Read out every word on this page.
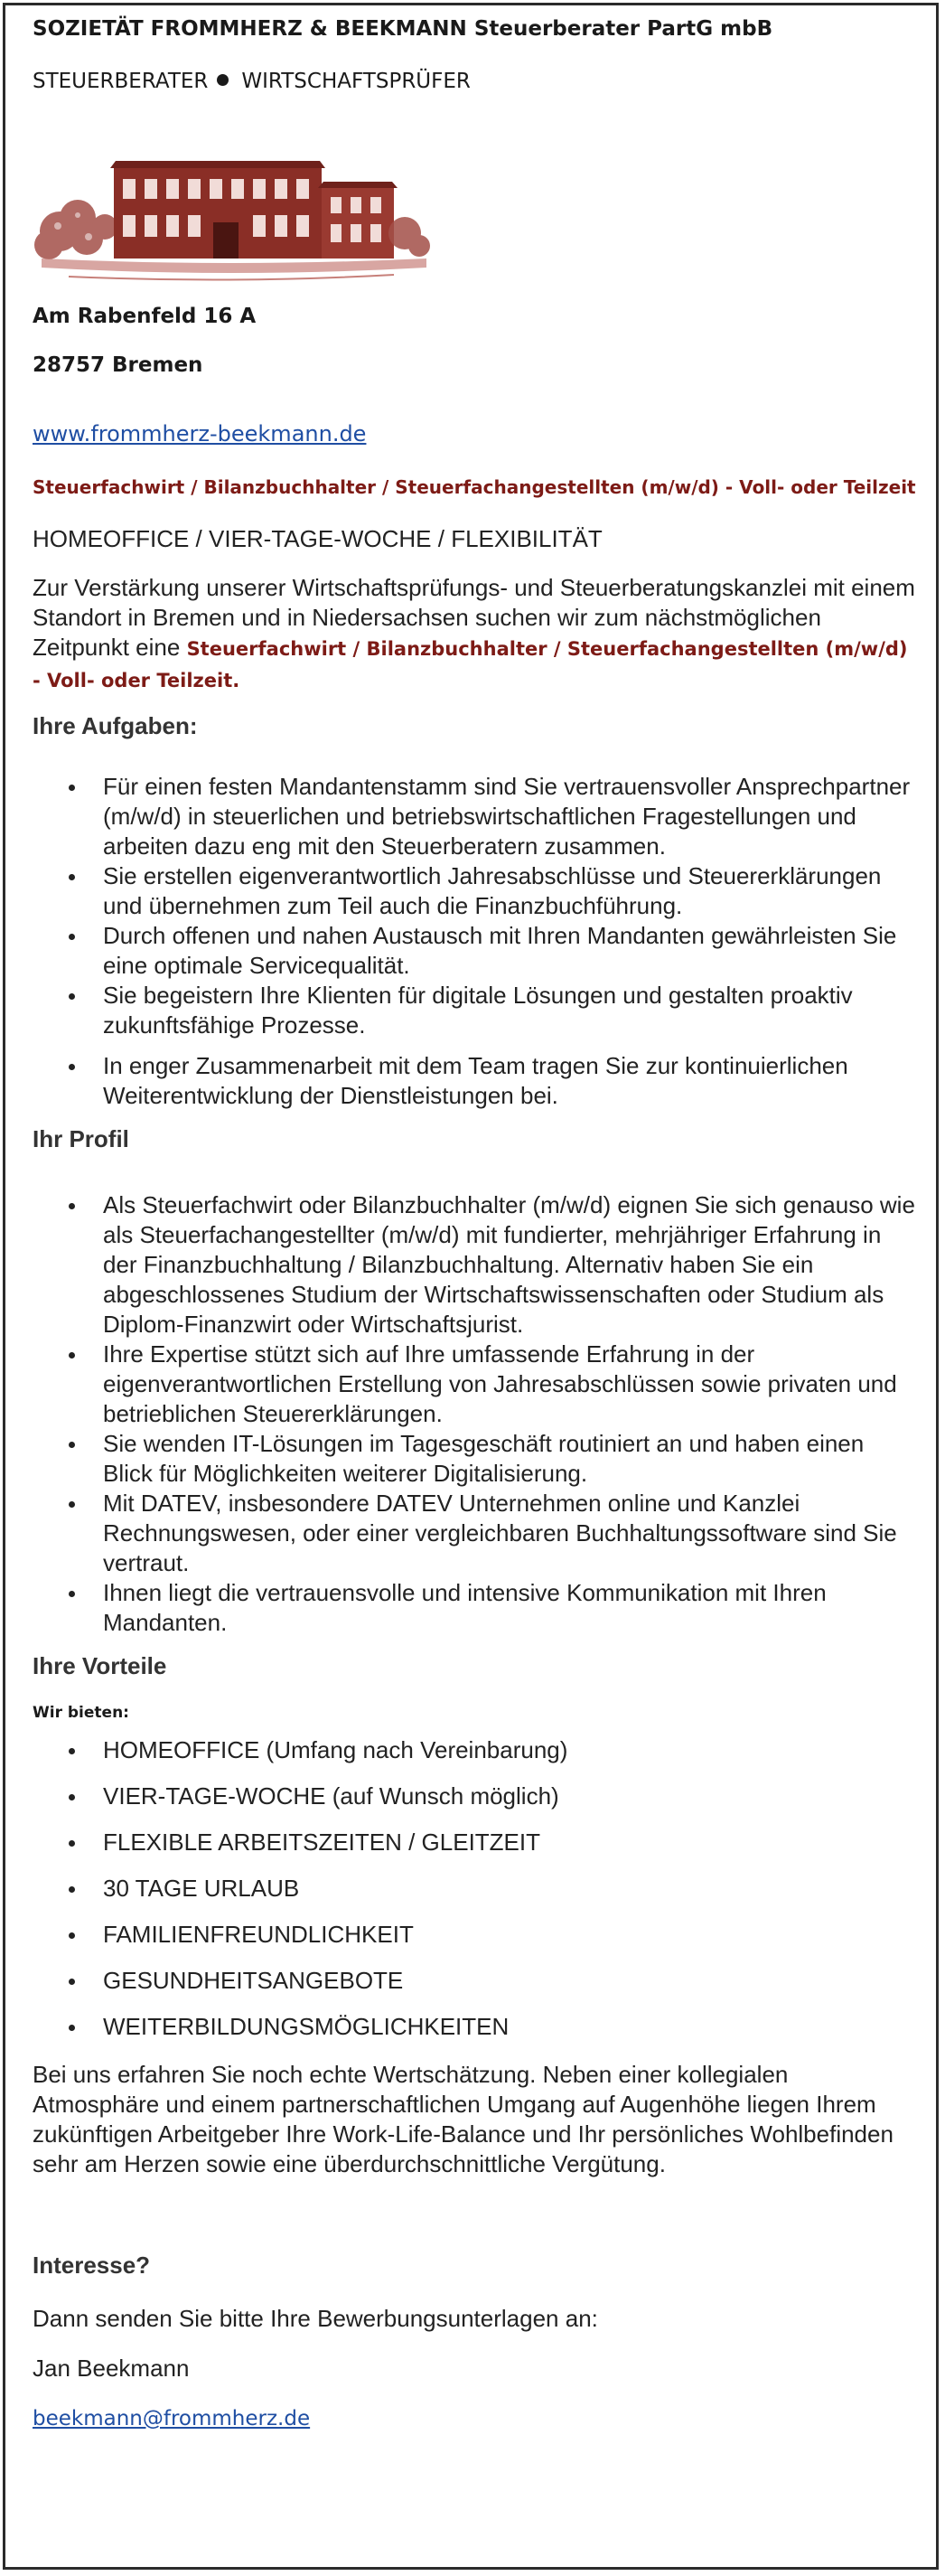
SOZIETÄT FROMMHERZ & BEEKMANN Steuerberater PartG mbB

STEUERBERATER WIRTSCHAFTSPRÜFER

Am Rabenfeld 16 A

28757 Bremen

www.frommherz-beekmann.de
Steuerfachwirt / Bilanzbuchhalter / Steuerfachangestellten (m/w/d) - Voll- oder Teilzeit
HOMEOFFICE / VIER-TAGE-WOCHE / FLEXIBILITÄT
Zur Verstärkung unserer Wirtschaftsprüfungs- und Steuerberatungskanzlei mit einem Standort in Bremen und in Niedersachsen suchen wir zum nächstmöglichen Zeitpunkt eine Steuerfachwirt / Bilanzbuchhalter / Steuerfachangestellten (m/w/d) - Voll- oder Teilzeit.
Ihre Aufgaben:
Für einen festen Mandantenstamm sind Sie vertrauensvoller Ansprechpartner (m/w/d) in steuerlichen und betriebswirtschaftlichen Fragestellungen und arbeiten dazu eng mit den Steuerberatern zusammen.
Sie erstellen eigenverantwortlich Jahresabschlüsse und Steuererklärungen und übernehmen zum Teil auch die Finanzbuchführung.
Durch offenen und nahen Austausch mit Ihren Mandanten gewährleisten Sie eine optimale Servicequalität.
Sie begeistern Ihre Klienten für digitale Lösungen und gestalten proaktiv zukunftsfähige Prozesse.
In enger Zusammenarbeit mit dem Team tragen Sie zur kontinuierlichen Weiterentwicklung der Dienstleistungen bei.
Ihr Profil
Als Steuerfachwirt oder Bilanzbuchhalter (m/w/d) eignen Sie sich genauso wie als Steuerfachangestellter (m/w/d) mit fundierter, mehrjähriger Erfahrung in der Finanzbuchhaltung / Bilanzbuchhaltung. Alternativ haben Sie ein abgeschlossenes Studium der Wirtschaftswissenschaften oder Studium als Diplom-Finanzwirt oder Wirtschaftsjurist.
Ihre Expertise stützt sich auf Ihre umfassende Erfahrung in der eigenverantwortlichen Erstellung von Jahresabschlüssen sowie privaten und betrieblichen Steuererklärungen.
Sie wenden IT-Lösungen im Tagesgeschäft routiniert an und haben einen Blick für Möglichkeiten weiterer Digitalisierung.
Mit DATEV, insbesondere DATEV Unternehmen online und Kanzlei Rechnungswesen, oder einer vergleichbaren Buchhaltungssoftware sind Sie vertraut.
Ihnen liegt die vertrauensvolle und intensive Kommunikation mit Ihren Mandanten.
Ihre Vorteile
Wir bieten:
HOMEOFFICE (Umfang nach Vereinbarung)
VIER-TAGE-WOCHE (auf Wunsch möglich)
FLEXIBLE ARBEITSZEITEN / GLEITZEIT
30 TAGE URLAUB
FAMILIENFREUNDLICHKEIT
GESUNDHEITSANGEBOTE
WEITERBILDUNGSMÖGLICHKEITEN
Bei uns erfahren Sie noch echte Wertschätzung. Neben einer kollegialen Atmosphäre und einem partnerschaftlichen Umgang auf Augenhöhe liegen Ihrem zukünftigen Arbeitgeber Ihre Work-Life-Balance und Ihr persönliches Wohlbefinden sehr am Herzen sowie eine überdurchschnittliche Vergütung.
Interesse?
Dann senden Sie bitte Ihre Bewerbungsunterlagen an:
Jan Beekmann
beekmann@frommherz.de
